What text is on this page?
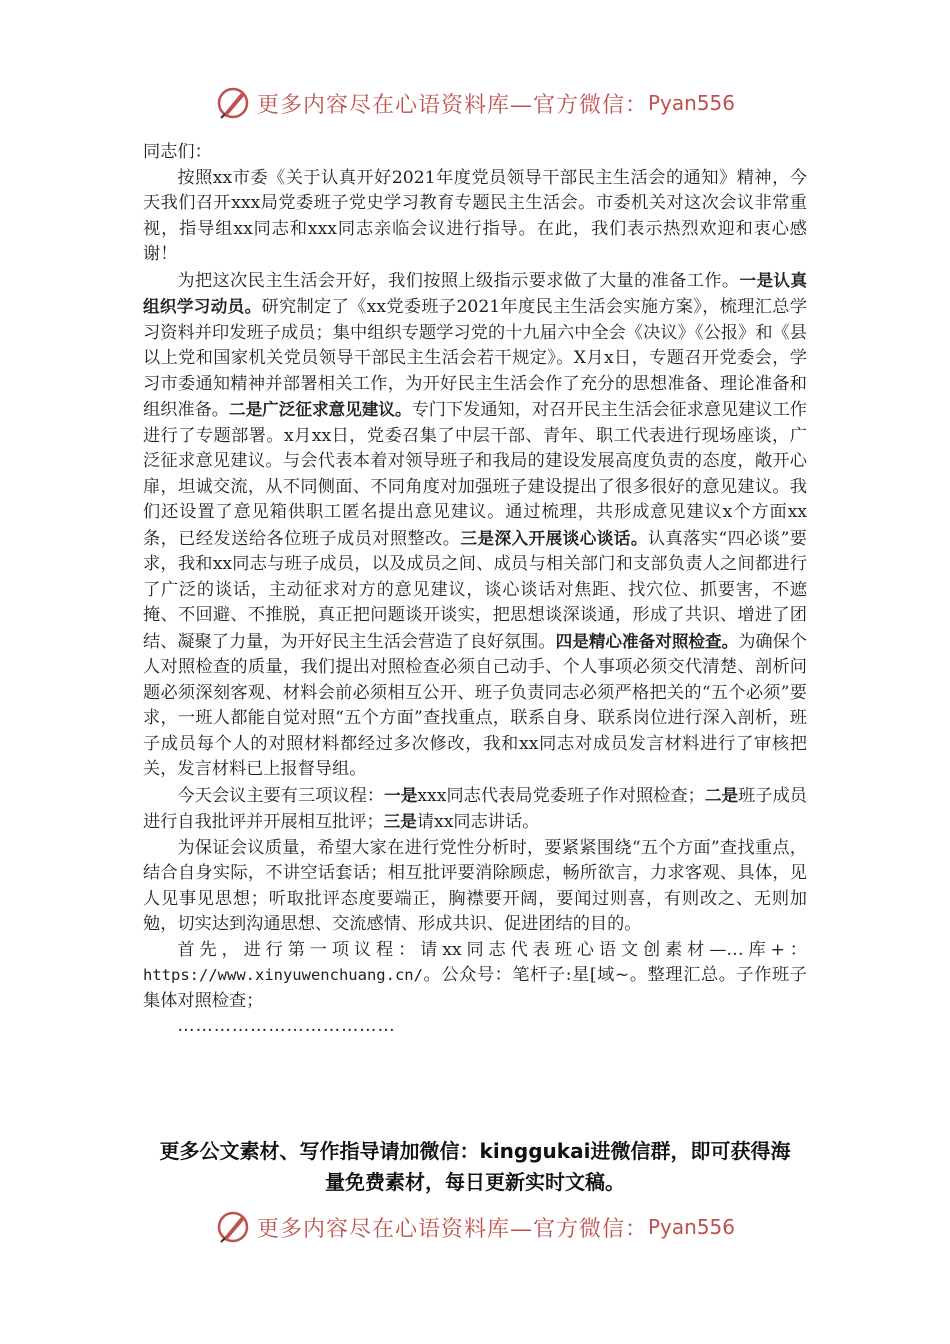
更多内容尽在心语资料库—官方微信： Pyan556

同志们：

按照xx市委《关于认真开好2021年度党员领导干部民主生活会的通知》精神，今天我们召开xxx局党委班子党史学习教育专题民主生活会。市委机关对这次会议非常重视，指导组xx同志和xxx同志亲临会议进行指导。在此，我们表示热烈欢迎和衷心感谢！

为把这次民主生活会开好，我们按照上级指示要求做了大量的准备工作。一是认真组织学习动员。研究制定了《xx党委班子2021年度民主生活会实施方案》，梳理汇总学习资料并印发班子成员；集中组织专题学习党的十九届六中全会《决议》《公报》和《县以上党和国家机关党员领导干部民主生活会若干规定》。X月x日，专题召开党委会，学习市委通知精神并部署相关工作，为开好民主生活会作了充分的思想准备、理论准备和组织准备。二是广泛征求意见建议。专门下发通知，对召开民主生活会征求意见建议工作进行了专题部署。x月xx日，党委召集了中层干部、青年、职工代表进行现场座谈，广泛征求意见建议。与会代表本着对领导班子和我局的建设发展高度负责的态度，敞开心扉，坦诚交流，从不同侧面、不同角度对加强班子建设提出了很多很好的意见建议。我们还设置了意见箱供职工匿名提出意见建议。通过梳理，共形成意见建议x个方面xx条，已经发送给各位班子成员对照整改。三是深入开展谈心谈话。认真落实“四必谈”要求，我和xx同志与班子成员，以及成员之间、成员与相关部门和支部负责人之间都进行了广泛的谈话，主动征求对方的意见建议，谈心谈话对焦距、找穴位、抓要害，不遮掩、不回避、不推脱，真正把问题谈开谈实，把思想谈深谈通，形成了共识、增进了团结、凝聚了力量，为开好民主生活会营造了良好氛围。四是精心准备对照检查。为确保个人对照检查的质量，我们提出对照检查必须自己动手、个人事项必须交代清楚、剖析问题必须深刻客观、材料会前必须相互公开、班子负责同志必须严格把关的“五个必须”要求，一班人都能自觉对照“五个方面”查找重点，联系自身、联系岗位进行深入剖析，班子成员每个人的对照材料都经过多次修改，我和xx同志对成员发言材料进行了审核把关，发言材料已上报督导组。

今天会议主要有三项议程：一是xxx同志代表局党委班子作对照检查；二是班子成员进行自我批评并开展相互批评；三是请xx同志讲话。

为保证会议质量，希望大家在进行党性分析时，要紧紧围绕“五个方面”查找重点，结合自身实际，不讲空话套话；相互批评要消除顾虑，畅所欲言，力求客观、具体，见人见事见思想；听取批评态度要端正，胸襟要开阔，要闻过则喜，有则改之、无则加勉，切实达到沟通思想、交流感情、形成共识、促进团结的目的。

首先，进行第一项议程：请xx同志代表班心语文创素材—…库+：https://www.xinyuwenchuang.cn/。公众号：笔杆子:星[域~。整理汇总。子作班子集体对照检查；

………………………………

更多公文素材、写作指导请加微信：kinggukai进微信群，即可获得海量免费素材，每日更新实时文稿。
更多内容尽在心语资料库—官方微信： Pyan556
